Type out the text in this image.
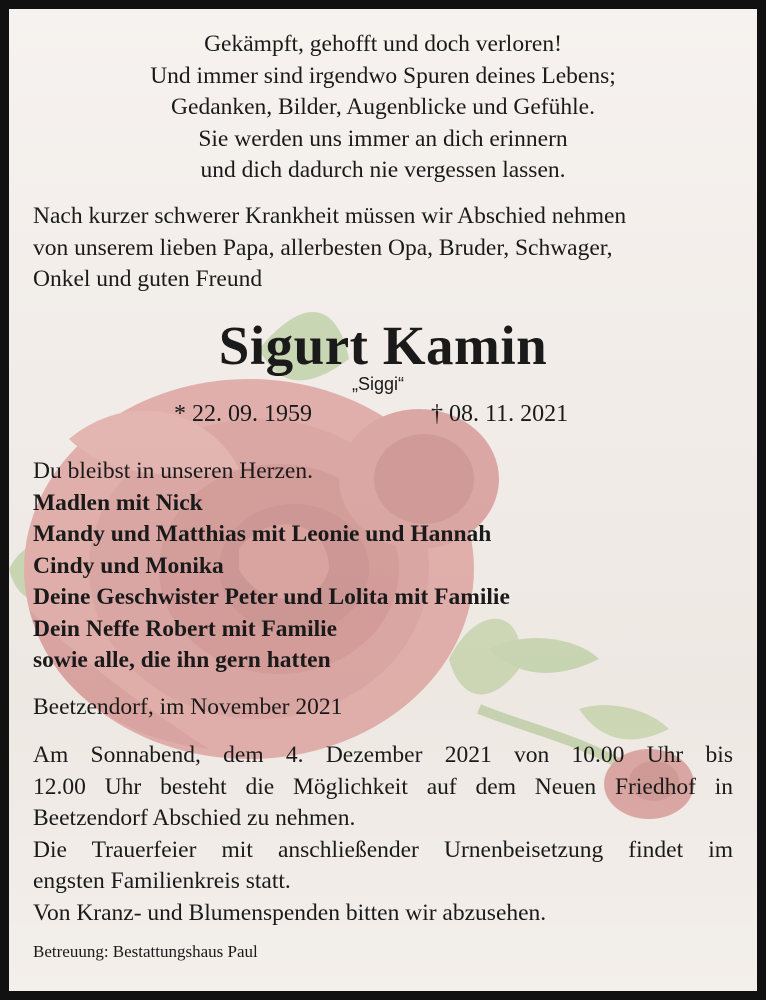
Gekämpft, gehofft und doch verloren!
Und immer sind irgendwo Spuren deines Lebens;
Gedanken, Bilder, Augenblicke und Gefühle.
Sie werden uns immer an dich erinnern
und dich dadurch nie vergessen lassen.
Nach kurzer schwerer Krankheit müssen wir Abschied nehmen
von unserem lieben Papa, allerbesten Opa, Bruder, Schwager,
Onkel und guten Freund
Sigurt Kamin
„Siggi“
* 22. 09. 1959	† 08. 11. 2021
Du bleibst in unseren Herzen.
Madlen mit Nick
Mandy und Matthias mit Leonie und Hannah
Cindy und Monika
Deine Geschwister Peter und Lolita mit Familie
Dein Neffe Robert mit Familie
sowie alle, die ihn gern hatten
Beetzendorf, im November 2021
Am Sonnabend, dem 4. Dezember 2021 von 10.00 Uhr bis
12.00 Uhr besteht die Möglichkeit auf dem Neuen Friedhof in
Beetzendorf Abschied zu nehmen.
Die Trauerfeier mit anschließender Urnenbeisetzung findet im
engsten Familienkreis statt.
Von Kranz- und Blumenspenden bitten wir abzusehen.
Betreuung: Bestattungshaus Paul
